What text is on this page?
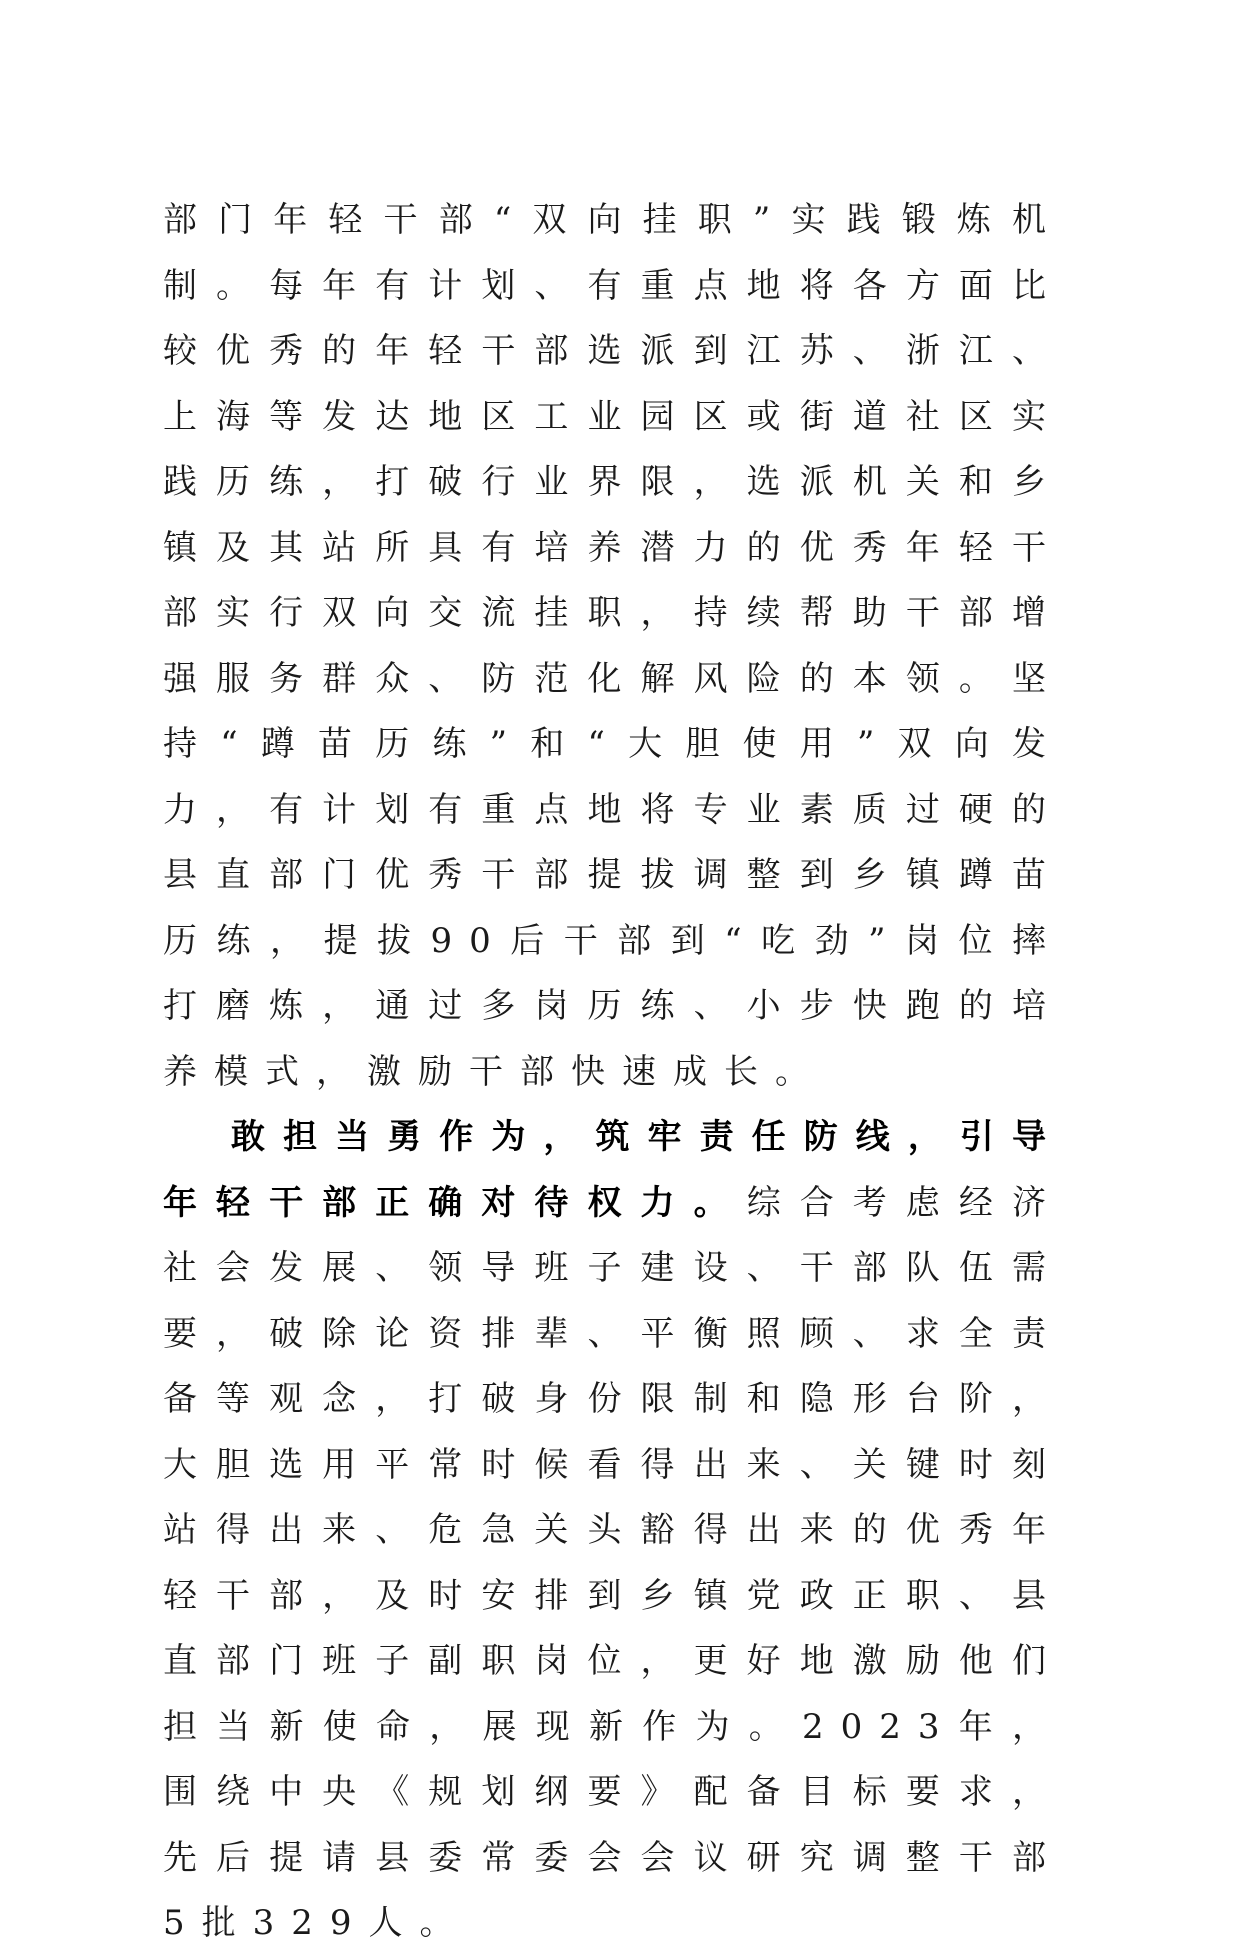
部门年轻干部“双向挂职”实践锻炼机制。每年有计划、有重点地将各方面比较优秀的年轻干部选派到江苏、浙江、上海等发达地区工业园区或街道社区实践历练，打破行业界限，选派机关和乡镇及其站所具有培养潜力的优秀年轻干部实行双向交流挂职，持续帮助干部增强服务群众、防范化解风险的本领。坚持“蹲苗历练”和“大胆使用”双向发力，有计划有重点地将专业素质过硬的县直部门优秀干部提拔调整到乡镇蹲苗历练，提拔90后干部到“吃劲”岗位摔打磨炼，通过多岗历练、小步快跑的培养模式，激励干部快速成长。

敢担当勇作为，筑牢责任防线，引导年轻干部正确对待权力。综合考虑经济社会发展、领导班子建设、干部队伍需要，破除论资排辈、平衡照顾、求全责备等观念，打破身份限制和隐形台阶，大胆选用平常时候看得出来、关键时刻站得出来、危急关头豁得出来的优秀年轻干部，及时安排到乡镇党政正职、县直部门班子副职岗位，更好地激励他们担当新使命，展现新作为。2023年，围绕中央《规划纲要》配备目标要求，先后提请县委常委会会议研究调整干部5批329人。
